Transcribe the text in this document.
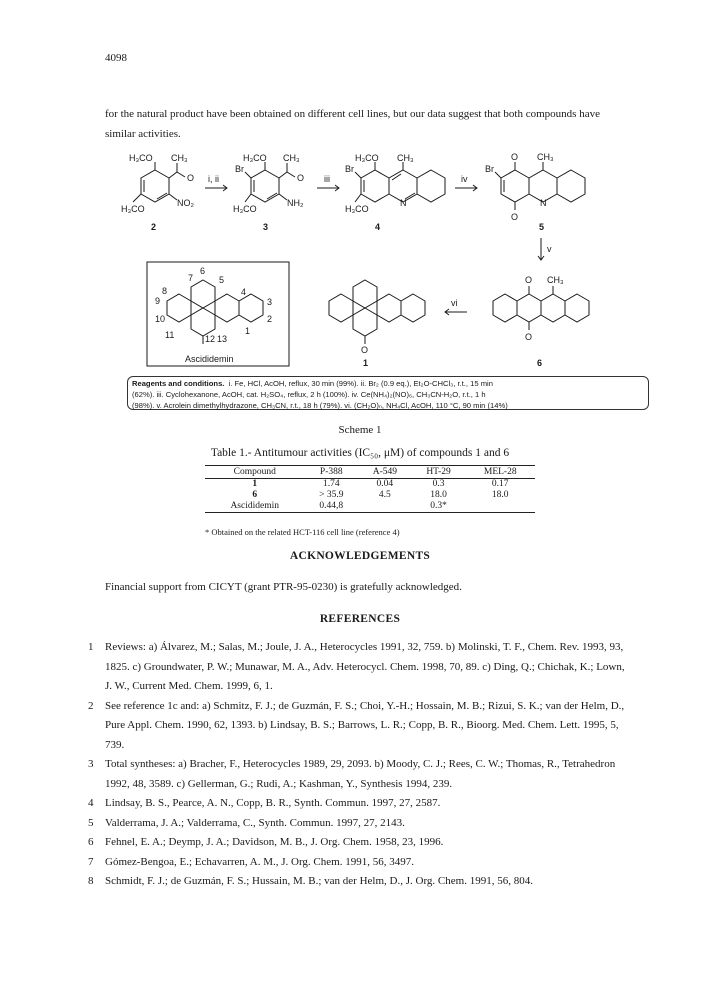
4098

for the natural product have been obtained on different cell lines, but our data suggest that both compounds have similar activities.

H₃CO CH₃
O
NO₂
H₃CO
2
i, ii
H₃CO CH₃
Br
O
NH₂
H₃CO
3
iii
H₃CO CH₃
Br
N
H₃CO
4
iv
O CH₃
Br
N
O
5
v
7
6
5
4
3
2
1
13
12
11
10
9
8
Ascididemin
O
1
vi
O CH₃
O
6
Reagents and conditions. i. Fe, HCl, AcOH, reflux, 30 min (99%). ii. Br₂ (0.9 eq.), Et₂O-CHCl₃, r.t., 15 min
(62%). iii. Cyclohexanone, AcOH, cat. H₂SO₄, reflux, 2 h (100%). iv. Ce(NH₄)₂(NO)₆, CH₃CN-H₂O, r.t., 1 h
(98%). v. Acrolein dimethylhydrazone, CH₃CN, r.t., 18 h (79%). vi. (CH₂O)ₙ, NH₄Cl, AcOH, 110 °C, 90 min (14%)
Scheme 1
Table 1.- Antitumour activities (IC₅₀, μM) of compounds 1 and 6
Compound	P-388	A-549	HT-29	MEL-28
1	1.74	0.04	0.3	0.17
6	> 35.9	4.5	18.0	18.0
Ascididemin	0.44,8		0.3*	
* Obtained on the related HCT-116 cell line (reference 4)
ACKNOWLEDGEMENTS
Financial support from CICYT (grant PTR-95-0230) is gratefully acknowledged.
REFERENCES
1 Reviews: a) Álvarez, M.; Salas, M.; Joule, J. A., Heterocycles 1991, 32, 759. b) Molinski, T. F., Chem. Rev. 1993, 93, 1825. c) Groundwater, P. W.; Munawar, M. A., Adv. Heterocycl. Chem. 1998, 70, 89. c) Ding, Q.; Chichak, K.; Lown, J. W., Current Med. Chem. 1999, 6, 1.
2 See reference 1c and: a) Schmitz, F. J.; de Guzmán, F. S.; Choi, Y.-H.; Hossain, M. B.; Rizui, S. K.; van der Helm, D., Pure Appl. Chem. 1990, 62, 1393. b) Lindsay, B. S.; Barrows, L. R.; Copp, B. R., Bioorg. Med. Chem. Lett. 1995, 5, 739.
3 Total syntheses: a) Bracher, F., Heterocycles 1989, 29, 2093. b) Moody, C. J.; Rees, C. W.; Thomas, R., Tetrahedron 1992, 48, 3589. c) Gellerman, G.; Rudi, A.; Kashman, Y., Synthesis 1994, 239.
4 Lindsay, B. S., Pearce, A. N., Copp, B. R., Synth. Commun. 1997, 27, 2587.
5 Valderrama, J. A.; Valderrama, C., Synth. Commun. 1997, 27, 2143.
6 Fehnel, E. A.; Deymp, J. A.; Davidson, M. B., J. Org. Chem. 1958, 23, 1996.
7 Gómez-Bengoa, E.; Echavarren, A. M., J. Org. Chem. 1991, 56, 3497.
8 Schmidt, F. J.; de Guzmán, F. S.; Hussain, M. B.; van der Helm, D., J. Org. Chem. 1991, 56, 804.
